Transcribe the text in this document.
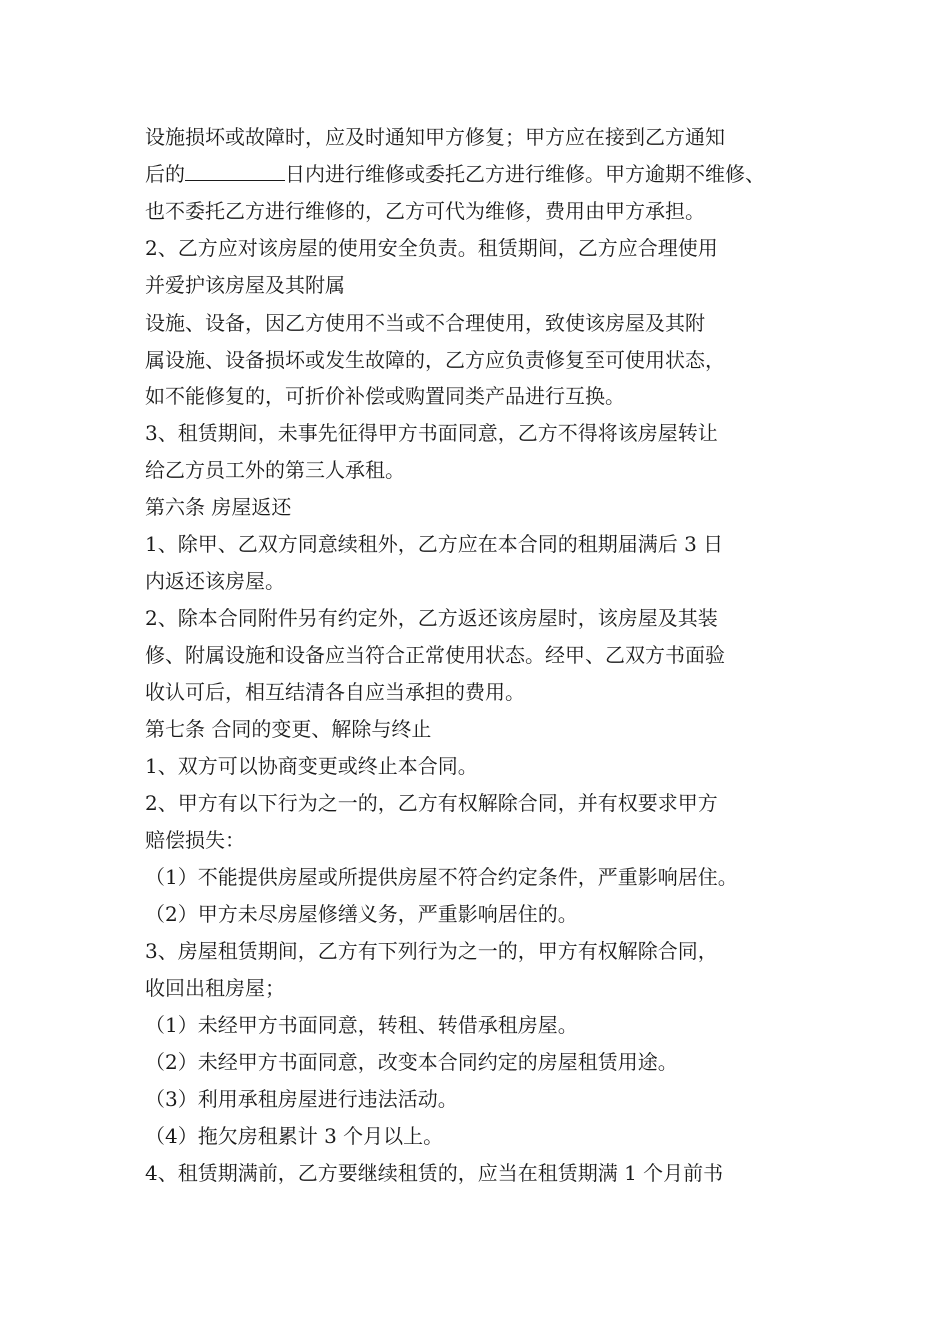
设施损坏或故障时，应及时通知甲方修复；甲方应在接到乙方通知
后的	日内进行维修或委托乙方进行维修。甲方逾期不维修、
也不委托乙方进行维修的，乙方可代为维修，费用由甲方承担。
2、乙方应对该房屋的使用安全负责。租赁期间，乙方应合理使用
并爱护该房屋及其附属
设施、设备，因乙方使用不当或不合理使用，致使该房屋及其附
属设施、设备损坏或发生故障的，乙方应负责修复至可使用状态，
如不能修复的，可折价补偿或购置同类产品进行互换。
3、租赁期间，未事先征得甲方书面同意，乙方不得将该房屋转让
给乙方员工外的第三人承租。
第六条 房屋返还
1、除甲、乙双方同意续租外，乙方应在本合同的租期届满后 3 日
内返还该房屋。
2、除本合同附件另有约定外，乙方返还该房屋时，该房屋及其装
修、附属设施和设备应当符合正常使用状态。经甲、乙双方书面验
收认可后，相互结清各自应当承担的费用。
第七条 合同的变更、解除与终止
1、双方可以协商变更或终止本合同。
2、甲方有以下行为之一的，乙方有权解除合同，并有权要求甲方
赔偿损失：
（1）不能提供房屋或所提供房屋不符合约定条件，严重影响居住。
（2）甲方未尽房屋修缮义务，严重影响居住的。
3、房屋租赁期间，乙方有下列行为之一的，甲方有权解除合同，
收回出租房屋；
（1）未经甲方书面同意，转租、转借承租房屋。
（2）未经甲方书面同意，改变本合同约定的房屋租赁用途。
（3）利用承租房屋进行违法活动。
（4）拖欠房租累计 3 个月以上。
4、租赁期满前，乙方要继续租赁的，应当在租赁期满 1 个月前书
